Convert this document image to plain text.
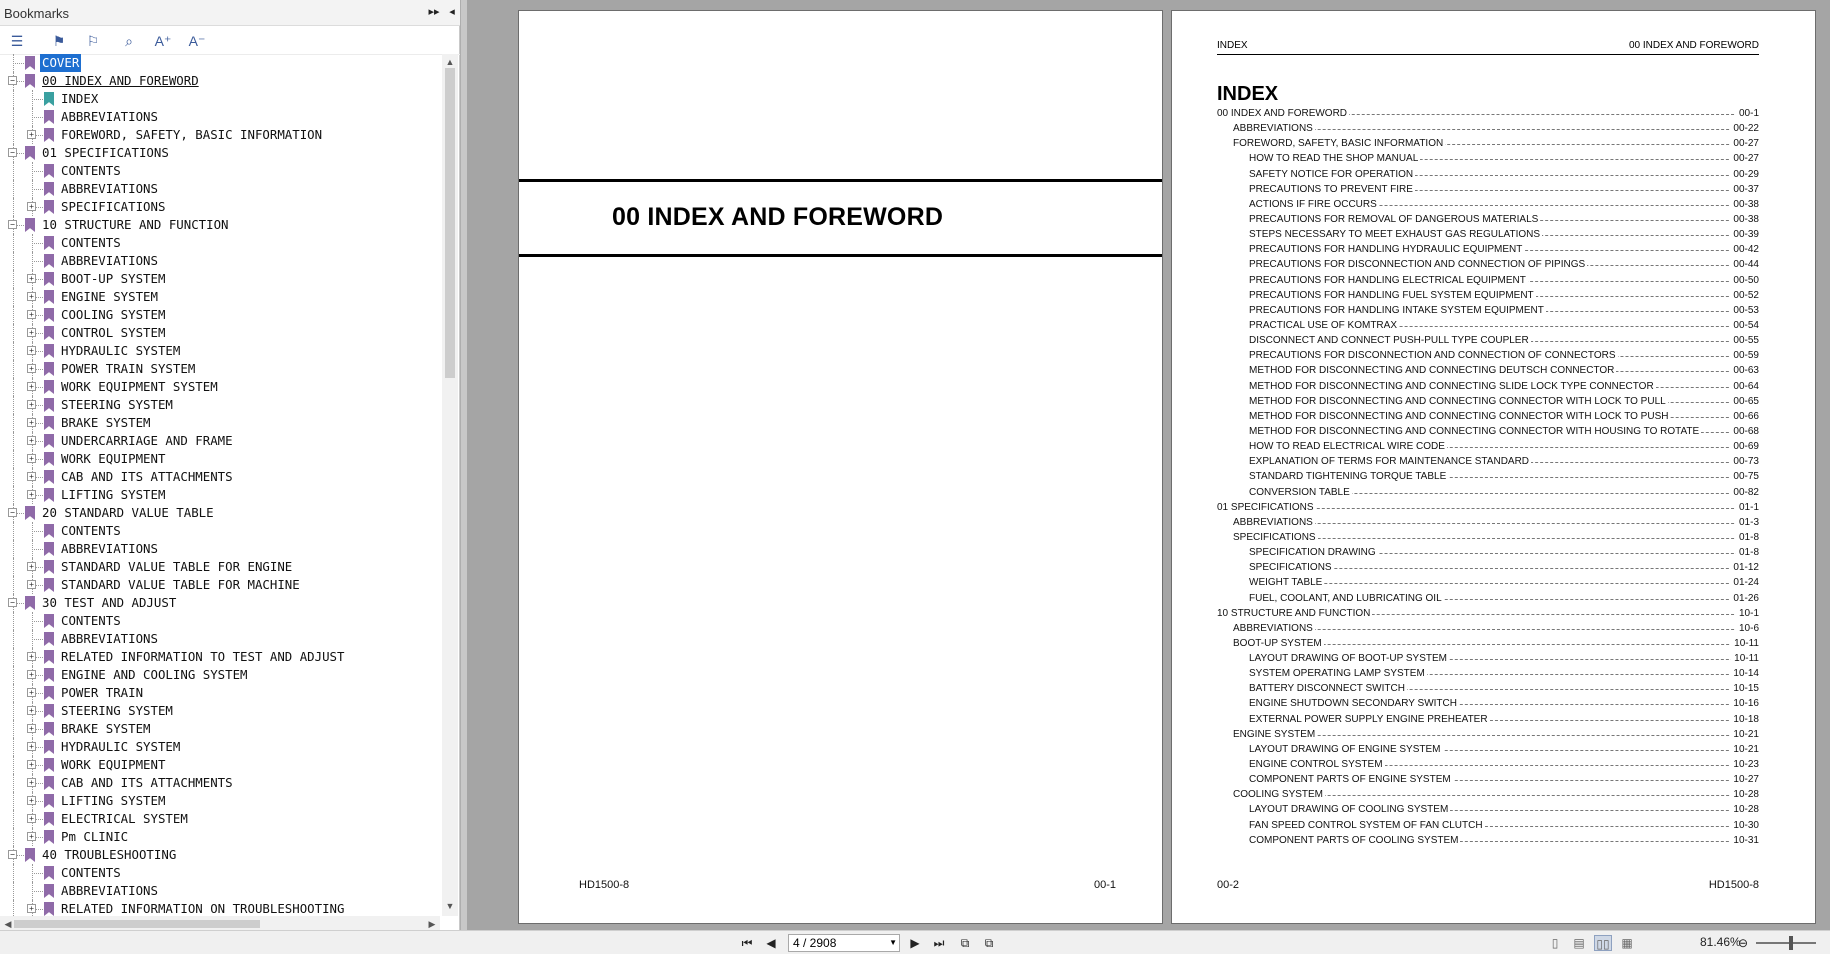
Bookmarks	▸▸ ◂
☰	⚑	⚐	⌕	A⁺ A⁻
COVER
− 00 INDEX AND FOREWORD
INDEX
ABBREVIATIONS
+ FOREWORD, SAFETY, BASIC INFORMATION
− 01 SPECIFICATIONS
CONTENTS
ABBREVIATIONS
+ SPECIFICATIONS
− 10 STRUCTURE AND FUNCTION
CONTENTS
ABBREVIATIONS
+ BOOT-UP SYSTEM
+ ENGINE SYSTEM
+ COOLING SYSTEM
+ CONTROL SYSTEM
+ HYDRAULIC SYSTEM
+ POWER TRAIN SYSTEM
+ WORK EQUIPMENT SYSTEM
+ STEERING SYSTEM
+ BRAKE SYSTEM
+ UNDERCARRIAGE AND FRAME
+ WORK EQUIPMENT
+ CAB AND ITS ATTACHMENTS
+ LIFTING SYSTEM
− 20 STANDARD VALUE TABLE
CONTENTS
ABBREVIATIONS
+ STANDARD VALUE TABLE FOR ENGINE
+ STANDARD VALUE TABLE FOR MACHINE
− 30 TEST AND ADJUST
CONTENTS
ABBREVIATIONS
+ RELATED INFORMATION TO TEST AND ADJUST
+ ENGINE AND COOLING SYSTEM
+ POWER TRAIN
+ STEERING SYSTEM
+ BRAKE SYSTEM
+ HYDRAULIC SYSTEM
+ WORK EQUIPMENT
+ CAB AND ITS ATTACHMENTS
+ LIFTING SYSTEM
+ ELECTRICAL SYSTEM
+ Pm CLINIC
− 40 TROUBLESHOOTING
CONTENTS
ABBREVIATIONS
+ RELATED INFORMATION ON TROUBLESHOOTING
▲
▼
◀	▶
00 INDEX AND FOREWORD
HD1500-8	00-1
INDEX	00 INDEX AND FOREWORD
INDEX
00 INDEX AND FOREWORD	00-1
ABBREVIATIONS	00-22
FOREWORD, SAFETY, BASIC INFORMATION	00-27
HOW TO READ THE SHOP MANUAL	00-27
SAFETY NOTICE FOR OPERATION	00-29
PRECAUTIONS TO PREVENT FIRE	00-37
ACTIONS IF FIRE OCCURS	00-38
PRECAUTIONS FOR REMOVAL OF DANGEROUS MATERIALS	00-38
STEPS NECESSARY TO MEET EXHAUST GAS REGULATIONS	00-39
PRECAUTIONS FOR HANDLING HYDRAULIC EQUIPMENT	00-42
PRECAUTIONS FOR DISCONNECTION AND CONNECTION OF PIPINGS	00-44
PRECAUTIONS FOR HANDLING ELECTRICAL EQUIPMENT	00-50
PRECAUTIONS FOR HANDLING FUEL SYSTEM EQUIPMENT	00-52
PRECAUTIONS FOR HANDLING INTAKE SYSTEM EQUIPMENT	00-53
PRACTICAL USE OF KOMTRAX	00-54
DISCONNECT AND CONNECT PUSH-PULL TYPE COUPLER	00-55
PRECAUTIONS FOR DISCONNECTION AND CONNECTION OF CONNECTORS	00-59
METHOD FOR DISCONNECTING AND CONNECTING DEUTSCH CONNECTOR	00-63
METHOD FOR DISCONNECTING AND CONNECTING SLIDE LOCK TYPE CONNECTOR	00-64
METHOD FOR DISCONNECTING AND CONNECTING CONNECTOR WITH LOCK TO PULL	00-65
METHOD FOR DISCONNECTING AND CONNECTING CONNECTOR WITH LOCK TO PUSH	00-66
METHOD FOR DISCONNECTING AND CONNECTING CONNECTOR WITH HOUSING TO ROTATE	00-68
HOW TO READ ELECTRICAL WIRE CODE	00-69
EXPLANATION OF TERMS FOR MAINTENANCE STANDARD	00-73
STANDARD TIGHTENING TORQUE TABLE	00-75
CONVERSION TABLE	00-82
01 SPECIFICATIONS	01-1
ABBREVIATIONS	01-3
SPECIFICATIONS	01-8
SPECIFICATION DRAWING	01-8
SPECIFICATIONS	01-12
WEIGHT TABLE	01-24
FUEL, COOLANT, AND LUBRICATING OIL	01-26
10 STRUCTURE AND FUNCTION	10-1
ABBREVIATIONS	10-6
BOOT-UP SYSTEM	10-11
LAYOUT DRAWING OF BOOT-UP SYSTEM	10-11
SYSTEM OPERATING LAMP SYSTEM	10-14
BATTERY DISCONNECT SWITCH	10-15
ENGINE SHUTDOWN SECONDARY SWITCH	10-16
EXTERNAL POWER SUPPLY ENGINE PREHEATER	10-18
ENGINE SYSTEM	10-21
LAYOUT DRAWING OF ENGINE SYSTEM	10-21
ENGINE CONTROL SYSTEM	10-23
COMPONENT PARTS OF ENGINE SYSTEM	10-27
COOLING SYSTEM	10-28
LAYOUT DRAWING OF COOLING SYSTEM	10-28
FAN SPEED CONTROL SYSTEM OF FAN CLUTCH	10-30
COMPONENT PARTS OF COOLING SYSTEM	10-31
00-2	HD1500-8
⏮	◀	4 / 2908	▼	▶	⏭	⧉	⧉	▯	▤ ▯▯ ▦	81.46%
⊖
